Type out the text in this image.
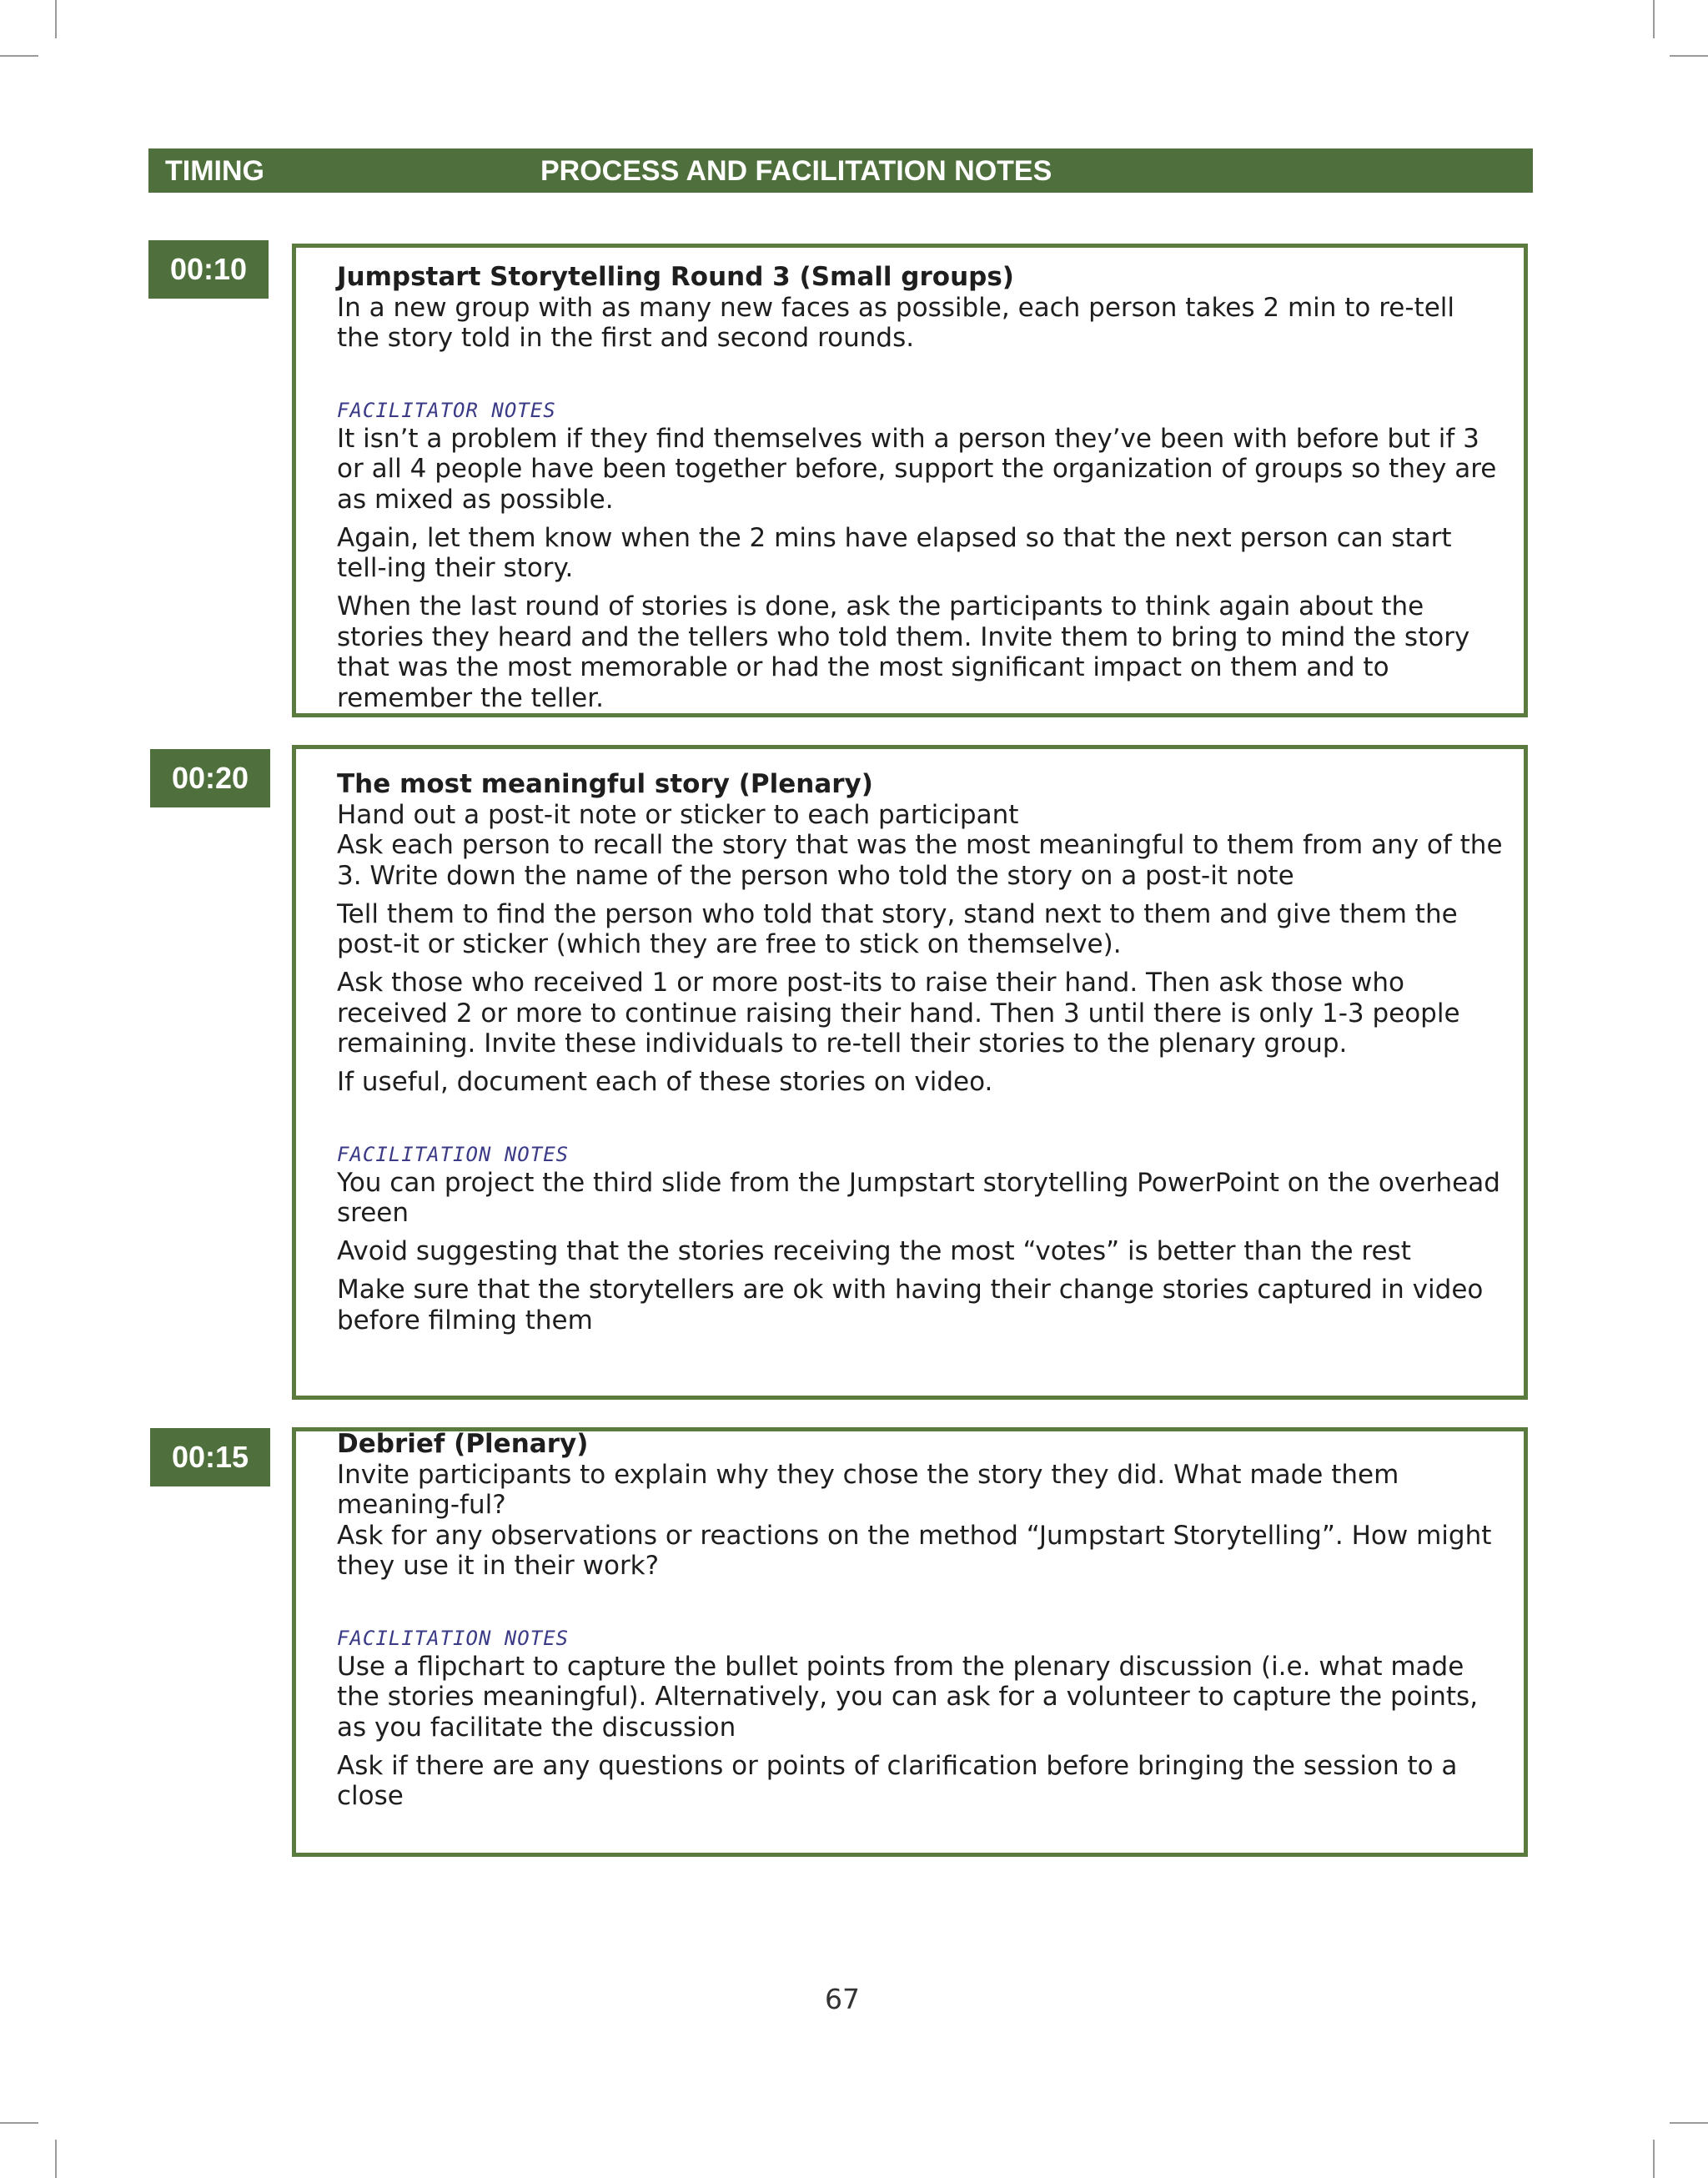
TIMING	PROCESS AND FACILITATION NOTES
00:10	Jumpstart Storytelling Round 3 (Small groups)

In a new group with as many new faces as possible, each person takes 2 min to re-tell the story told in the first and second rounds.

FACILITATOR NOTES

It isn’t a problem if they find themselves with a person they’ve been with before but if 3 or all 4 people have been together before, support the organization of groups so they are as mixed as possible.

Again, let them know when the 2 mins have elapsed so that the next person can start tell-ing their story.

When the last round of stories is done, ask the participants to think again about the stories they heard and the tellers who told them. Invite them to bring to mind the story that was the most memorable or had the most significant impact on them and to remember the teller.

00:20	The most meaningful story (Plenary)

Hand out a post-it note or sticker to each participant

Ask each person to recall the story that was the most meaningful to them from any of the 3. Write down the name of the person who told the story on a post-it note

Tell them to find the person who told that story, stand next to them and give them the post-it or sticker (which they are free to stick on themselve).

Ask those who received 1 or more post-its to raise their hand. Then ask those who received 2 or more to continue raising their hand. Then 3 until there is only 1-3 people remaining. Invite these individuals to re-tell their stories to the plenary group.

If useful, document each of these stories on video.

FACILITATION NOTES

You can project the third slide from the Jumpstart storytelling PowerPoint on the overhead sreen

Avoid suggesting that the stories receiving the most “votes” is better than the rest

Make sure that the storytellers are ok with having their change stories captured in video before filming them

00:15	Debrief (Plenary)

Invite participants to explain why they chose the story they did. What made them meaning-ful?

Ask for any observations or reactions on the method “Jumpstart Storytelling”. How might they use it in their work?

FACILITATION NOTES

Use a flipchart to capture the bullet points from the plenary discussion (i.e. what made the stories meaningful). Alternatively, you can ask for a volunteer to capture the points, as you facilitate the discussion

Ask if there are any questions or points of clarification before bringing the session to a close

67
